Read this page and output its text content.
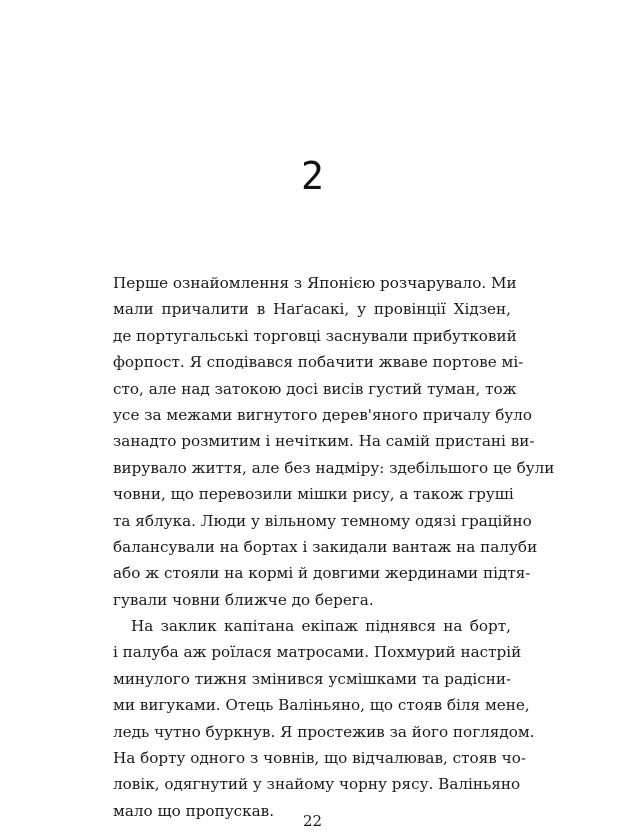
2
Перше ознайомлення з Японією розчарувало. Ми
мали причалити в Наґасакі, у провінції Хідзен,
де португальські торговці заснували прибутковий
форпост. Я сподівався побачити жваве портове мі-
сто, але над затокою досі висів густий туман, тож
усе за межами вигнутого дерев'яного причалу було
занадто розмитим і нечітким. На самій пристані ви-
вирувало життя, але без надміру: здебільшого це були
човни, що перевозили мішки рису, а також груші
та яблука. Люди у вільному темному одязі граційно
балансували на бортах і закидали вантаж на палуби
або ж стояли на кормі й довгими жердинами підтя-
гували човни ближче до берега.
На заклик капітана екіпаж піднявся на борт,
і палуба аж роїлася матросами. Похмурий настрій
минулого тижня змінився усмішками та радісни-
ми вигуками. Отець Валіньяно, що стояв біля мене,
ледь чутно буркнув. Я простежив за його поглядом.
На борту одного з човнів, що відчалював, стояв чо-
ловік, одягнутий у знайому чорну рясу. Валіньяно
мало що пропускав.
22
